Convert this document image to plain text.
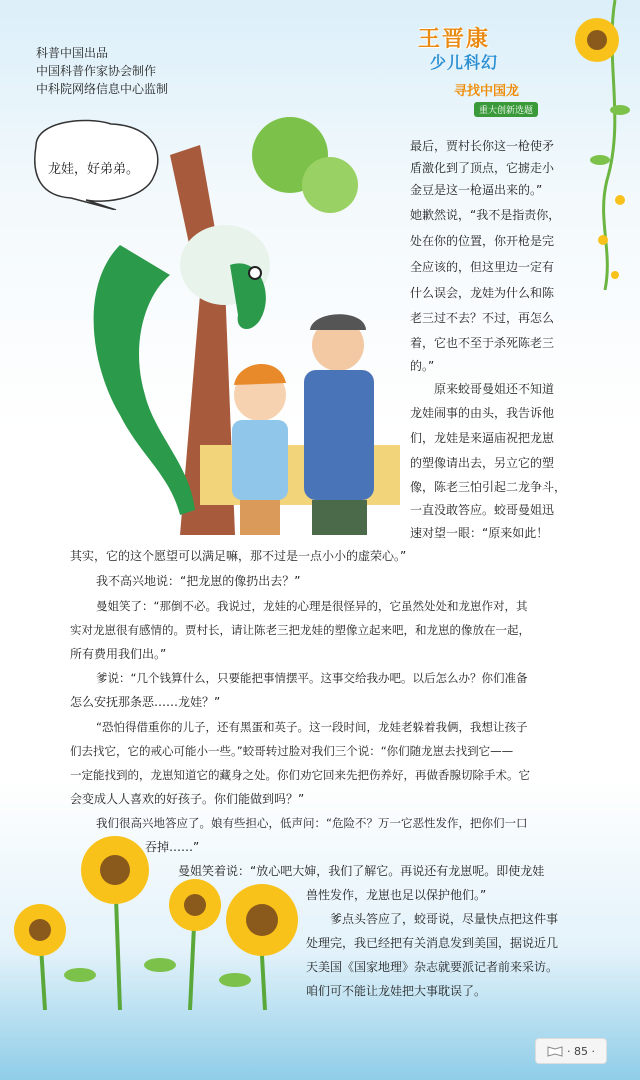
科普中国出品
中国科普作家协会制作
中科院网络信息中心监制
王晋康
少儿科幻
寻找中国龙
重大创新选题
龙娃，好弟弟。
最后，贾村长你这一枪使矛
盾激化到了顶点，它掳走小
金豆是这一枪逼出来的。”
她歉然说，“我不是指责你，
处在你的位置，你开枪是完
全应该的，但这里边一定有
什么误会，龙娃为什么和陈
老三过不去？不过，再怎么
着，它也不至于杀死陈老三
的。”
原来蛟哥曼姐还不知道
龙娃闹事的由头，我告诉他
们，龙娃是来逼庙祝把龙崽
的塑像请出去，另立它的塑
像，陈老三怕引起二龙争斗，
一直没敢答应。蛟哥曼姐迅
速对望一眼：“原来如此！
其实，它的这个愿望可以满足嘛，那不过是一点小小的虚荣心。”
我不高兴地说：“把龙崽的像扔出去？”
曼姐笑了：“那倒不必。我说过，龙娃的心理是很怪异的，它虽然处处和龙崽作对，其
实对龙崽很有感情的。贾村长，请让陈老三把龙娃的塑像立起来吧，和龙崽的像放在一起，
所有费用我们出。”
爹说：“几个钱算什么，只要能把事情摆平。这事交给我办吧。以后怎么办？你们准备
怎么安抚那条恶……龙娃？”
“恐怕得借重你的儿子，还有黑蛋和英子。这一段时间，龙娃老躲着我俩，我想让孩子
们去找它，它的戒心可能小一些。”蛟哥转过脸对我们三个说：“你们随龙崽去找到它——
一定能找到的，龙崽知道它的藏身之处。你们劝它回来先把伤养好，再做香腺切除手术。它
会变成人人喜欢的好孩子。你们能做到吗？”
我们很高兴地答应了。娘有些担心，低声问：“危险不？万一它恶性发作，把你们一口
吞掉……”
曼姐笑着说：“放心吧大婶，我们了解它。再说还有龙崽呢。即使龙娃
兽性发作，龙崽也足以保护他们。”
爹点头答应了，蛟哥说，尽量快点把这件事
处理完，我已经把有关消息发到美国，据说近几
天美国《国家地理》杂志就要派记者前来采访。
咱们可不能让龙娃把大事耽误了。
· 85 ·
